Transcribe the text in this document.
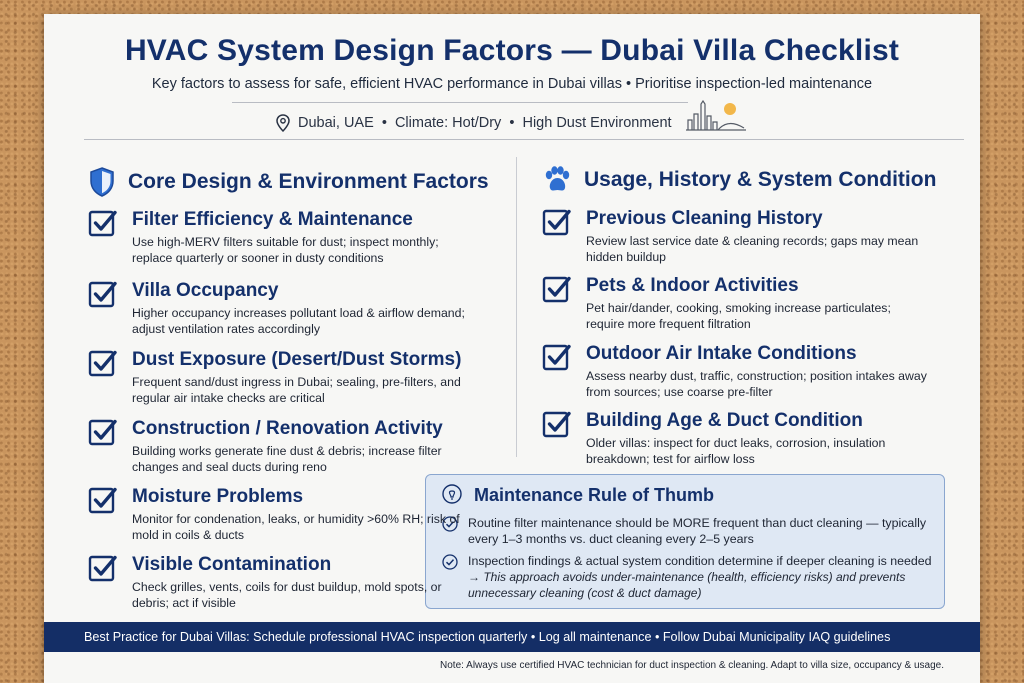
HVAC System Design Factors — Dubai Villa Checklist
Key factors to assess for safe, efficient HVAC performance in Dubai villas • Prioritise inspection-led maintenance
Dubai, UAE  •  Climate: Hot/Dry  •  High Dust Environment
Core Design & Environment Factors	Usage, History & System Condition
Maintenance Rule of Thumb
Routine filter maintenance should be MORE frequent than duct cleaning — typically every 1–3 months vs. duct cleaning every 2–5 years
Inspection findings & actual system condition determine if deeper cleaning is needed
→ This approach avoids under-maintenance (health, efficiency risks) and prevents unnecessary cleaning (cost & duct damage)
Best Practice for Dubai Villas: Schedule professional HVAC inspection quarterly • Log all maintenance • Follow Dubai Municipality IAQ guidelines
Note: Always use certified HVAC technician for duct inspection & cleaning. Adapt to villa size, occupancy & usage.
Filter Efficiency & Maintenance
Use high-MERV filters suitable for dust; inspect monthly; replace quarterly or sooner in dusty conditions
Villa Occupancy
Higher occupancy increases pollutant load & airflow demand; adjust ventilation rates accordingly
Dust Exposure (Desert/Dust Storms)
Frequent sand/dust ingress in Dubai; sealing, pre-filters, and regular air intake checks are critical
Construction / Renovation Activity
Building works generate fine dust & debris; increase filter changes and seal ducts during reno
Moisture Problems
Monitor for condenation, leaks, or humidity >60% RH; risk of mold in coils & ducts
Visible Contamination
Check grilles, vents, coils for dust buildup, mold spots, or debris; act if visible
Previous Cleaning History
Review last service date & cleaning records; gaps may mean hidden buildup
Pets & Indoor Activities
Pet hair/dander, cooking, smoking increase particulates; require more frequent filtration
Outdoor Air Intake Conditions
Assess nearby dust, traffic, construction; position intakes away from sources; use coarse pre-filter
Building Age & Duct Condition
Older villas: inspect for duct leaks, corrosion, insulation breakdown; test for airflow loss
